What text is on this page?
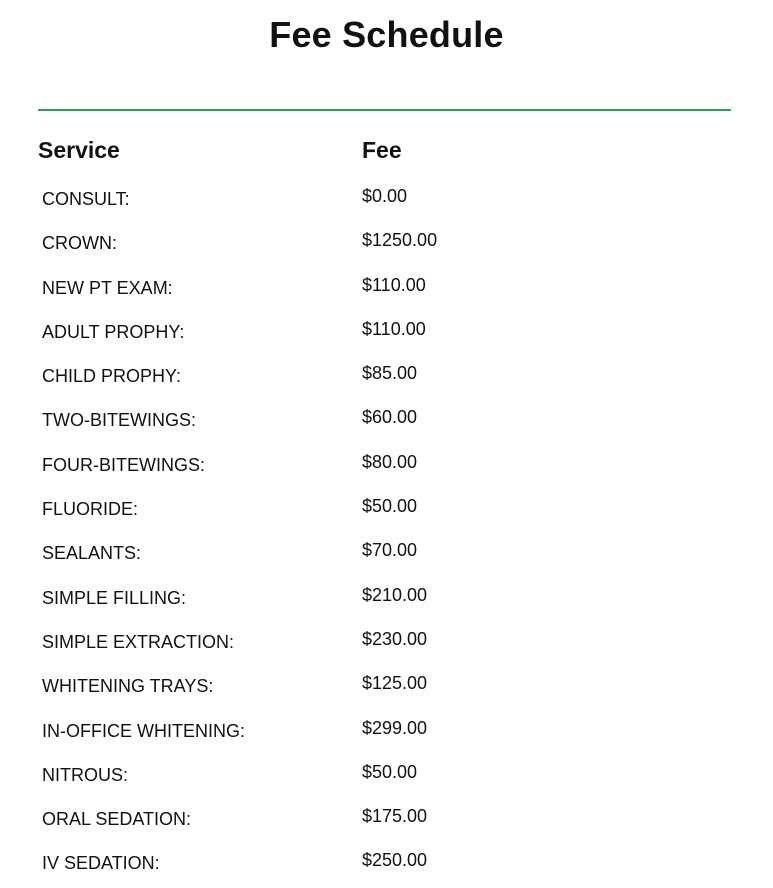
Fee Schedule
Service	Fee
CONSULT:	$0.00
CROWN:	$1250.00
NEW PT EXAM:	$110.00
ADULT PROPHY:	$110.00
CHILD PROPHY:	$85.00
TWO-BITEWINGS:	$60.00
FOUR-BITEWINGS:	$80.00
FLUORIDE:	$50.00
SEALANTS:	$70.00
SIMPLE FILLING:	$210.00
SIMPLE EXTRACTION:	$230.00
WHITENING TRAYS:	$125.00
IN-OFFICE WHITENING:	$299.00
NITROUS:	$50.00
ORAL SEDATION:	$175.00
IV SEDATION:	$250.00
